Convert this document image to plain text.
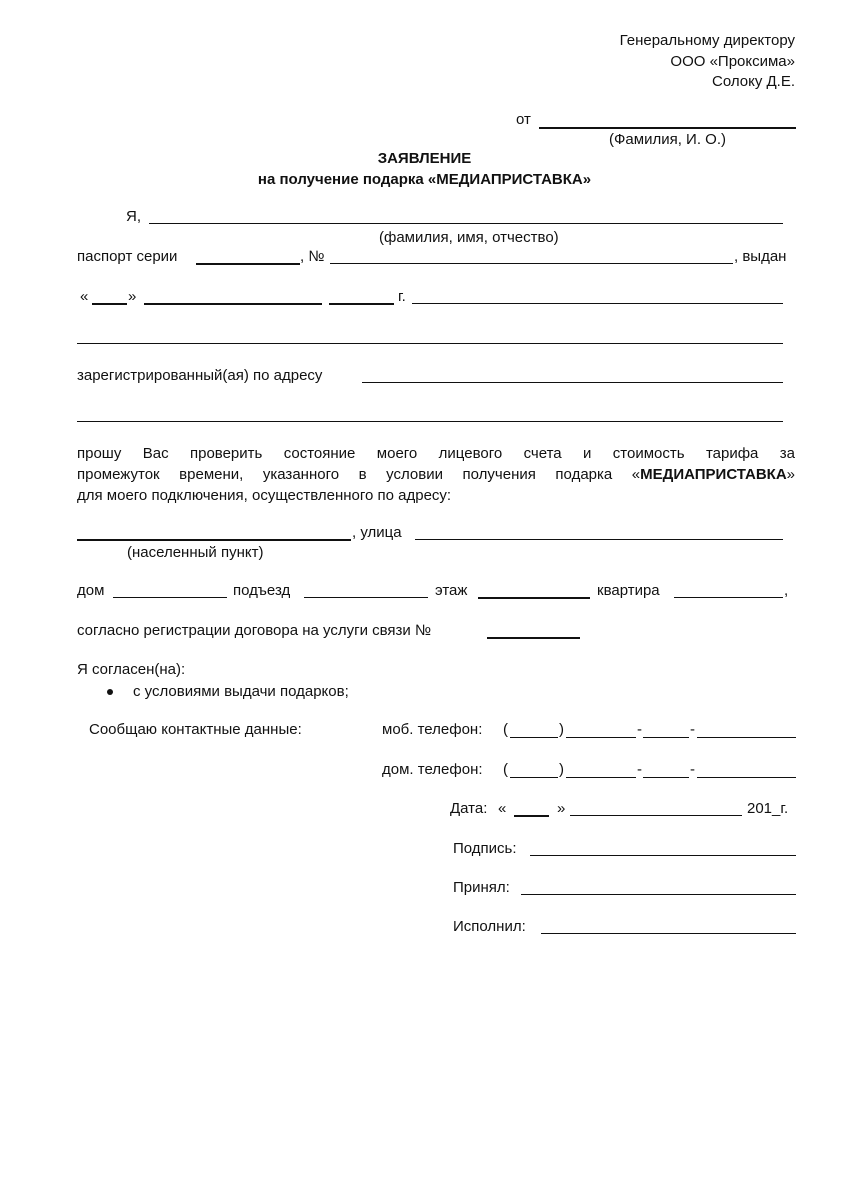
Генеральному директору
ООО «Проксима»
Солоку Д.Е.
от
(Фамилия, И. О.)
ЗАЯВЛЕНИЕ
на получение подарка «МЕДИАПРИСТАВКА»
Я,
(фамилия, имя, отчество)
паспорт серии	, №	, выдан
«	»	г.
зарегистрированный(ая) по адресу
прошу Вас проверить состояние моего лицевого счета и стоимость тарифа за
промежуток времени, указанного в условии получения подарка «МЕДИАПРИСТАВКА»
для моего подключения, осуществленного по адресу:
, улица
(населенный пункт)
дом	подъезд	этаж	квартира	,
согласно регистрации договора на услуги связи №
Я согласен(на):
с условиями выдачи подарков;
Сообщаю контактные данные:	моб. телефон: (	)	-	-
дом. телефон: (	)	-	-
Дата: «	»	201_г.
Подпись:
Принял:
Исполнил:
